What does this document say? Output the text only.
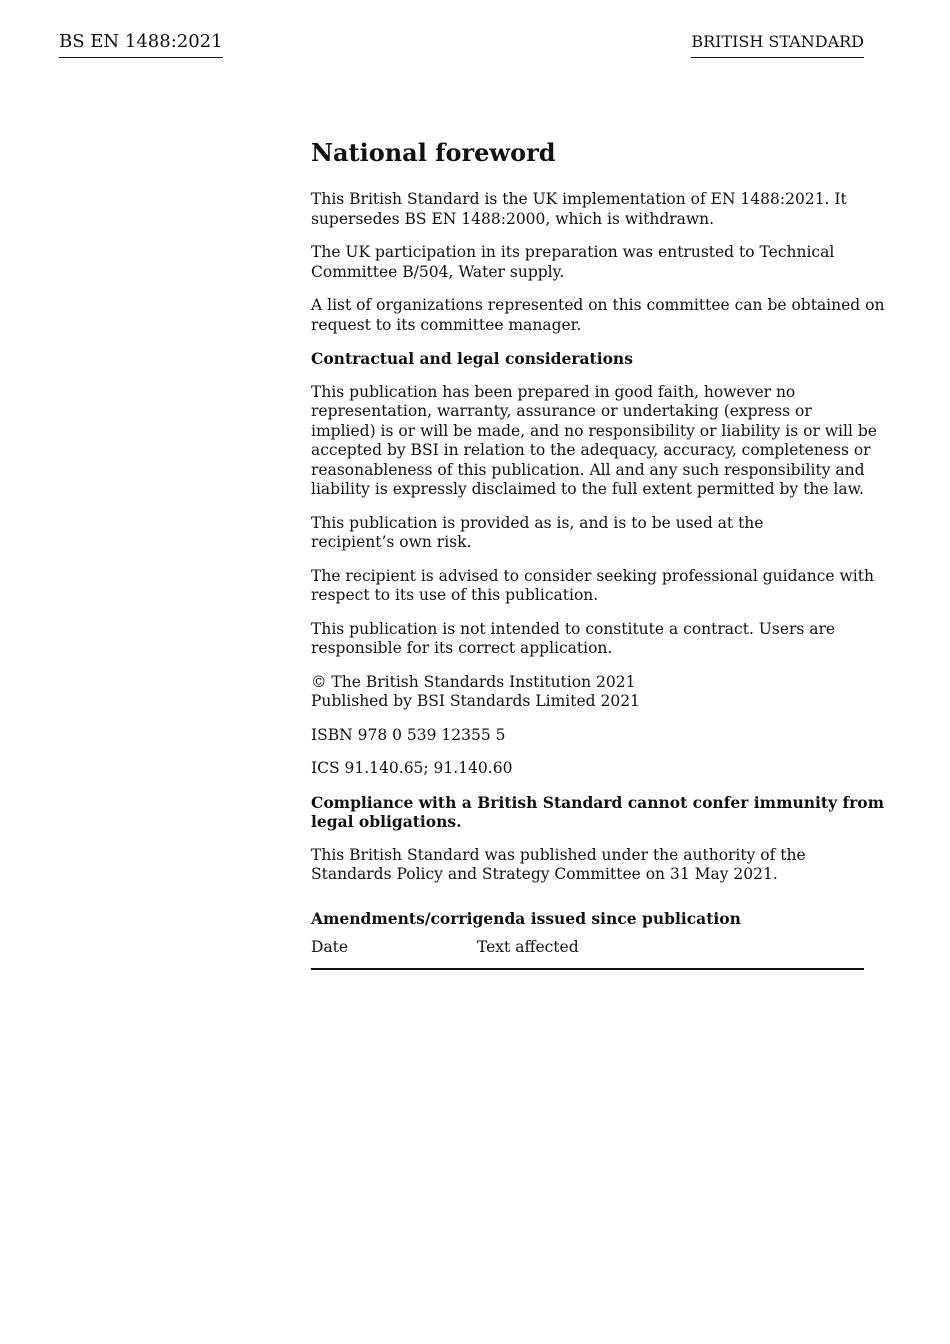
BS EN 1488:2021	BRITISH STANDARD
National foreword
This British Standard is the UK implementation of EN 1488:2021. It
supersedes BS EN 1488:2000, which is withdrawn.
The UK participation in its preparation was entrusted to Technical
Committee B/504, Water supply.
A list of organizations represented on this committee can be obtained on
request to its committee manager.
Contractual and legal considerations
This publication has been prepared in good faith, however no
representation, warranty, assurance or undertaking (express or
implied) is or will be made, and no responsibility or liability is or will be
accepted by BSI in relation to the adequacy, accuracy, completeness or
reasonableness of this publication. All and any such responsibility and
liability is expressly disclaimed to the full extent permitted by the law.
This publication is provided as is, and is to be used at the
recipient’s own risk.
The recipient is advised to consider seeking professional guidance with
respect to its use of this publication.
This publication is not intended to constitute a contract. Users are
responsible for its correct application.
© The British Standards Institution 2021
Published by BSI Standards Limited 2021
ISBN 978 0 539 12355 5
ICS 91.140.65; 91.140.60
Compliance with a British Standard cannot confer immunity from
legal obligations.
This British Standard was published under the authority of the
Standards Policy and Strategy Committee on 31 May 2021.
Amendments/corrigenda issued since publication
Date	Text affected
